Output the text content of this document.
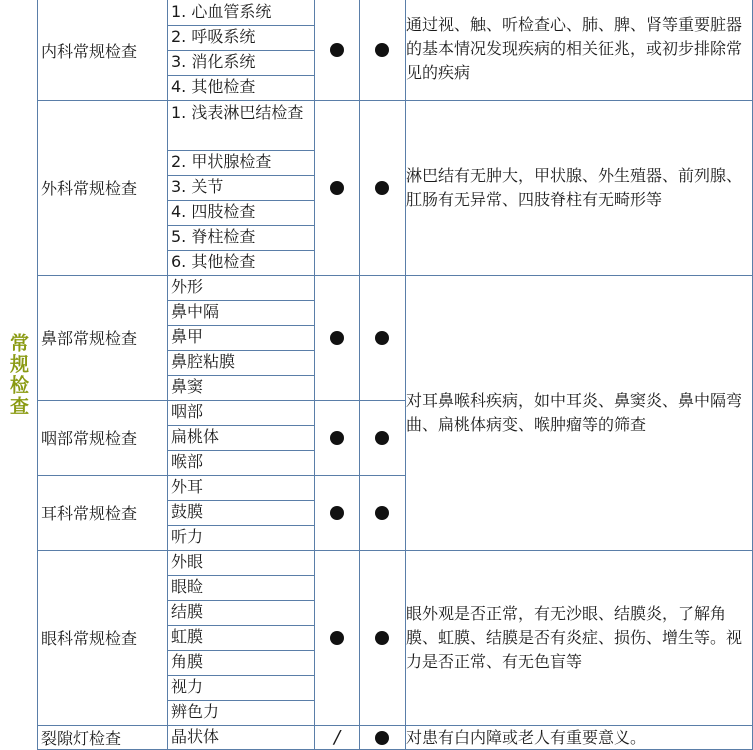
常规检查
内科常规检查
1. 心血管系统
2. 呼吸系统
3. 消化系统
4. 其他检查
外科常规检查
1. 浅表淋巴结检查
2. 甲状腺检查
3. 关节
4. 四肢检查
5. 脊柱检查
6. 其他检查
鼻部常规检查
外形
鼻中隔
鼻甲
鼻腔粘膜
鼻窦
咽部常规检查
咽部
扁桃体
喉部
耳科常规检查
外耳
鼓膜
听力
眼科常规检查
外眼
眼睑
结膜
虹膜
角膜
视力
辨色力
裂隙灯检查	晶状体	/
通过视、触、听检查心、肺、脾、肾等重要脏器的基本情况发现疾病的相关征兆，或初步排除常见的疾病
淋巴结有无肿大，甲状腺、外生殖器、前列腺、肛肠有无异常、四肢脊柱有无畸形等
对耳鼻喉科疾病，如中耳炎、鼻窦炎、鼻中隔弯曲、扁桃体病变、喉肿瘤等的筛查
眼外观是否正常，有无沙眼、结膜炎，了解角膜、虹膜、结膜是否有炎症、损伤、增生等。视力是否正常、有无色盲等
对患有白内障或老人有重要意义。
